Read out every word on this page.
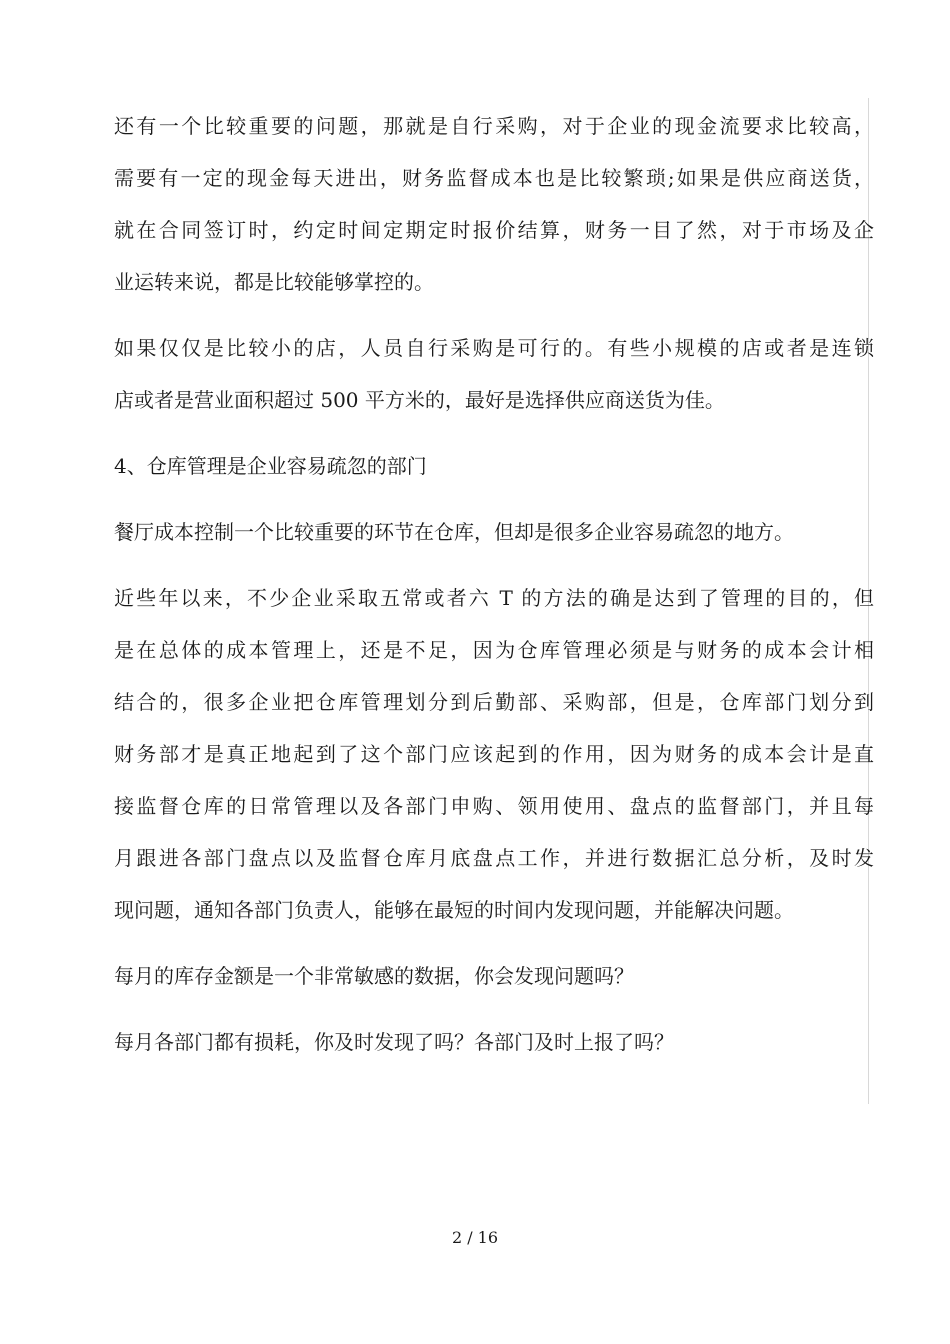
还有一个比较重要的问题，那就是自行采购，对于企业的现金流要求比较高，
需要有一定的现金每天进出，财务监督成本也是比较繁琐;如果是供应商送货，
就在合同签订时，约定时间定期定时报价结算，财务一目了然，对于市场及企
业运转来说，都是比较能够掌控的。
如果仅仅是比较小的店，人员自行采购是可行的。有些小规模的店或者是连锁
店或者是营业面积超过 500 平方米的，最好是选择供应商送货为佳。
4、仓库管理是企业容易疏忽的部门
餐厅成本控制一个比较重要的环节在仓库，但却是很多企业容易疏忽的地方。
近些年以来，不少企业采取五常或者六 T 的方法的确是达到了管理的目的，但
是在总体的成本管理上，还是不足，因为仓库管理必须是与财务的成本会计相
结合的，很多企业把仓库管理划分到后勤部、采购部，但是，仓库部门划分到
财务部才是真正地起到了这个部门应该起到的作用，因为财务的成本会计是直
接监督仓库的日常管理以及各部门申购、领用使用、盘点的监督部门，并且每
月跟进各部门盘点以及监督仓库月底盘点工作，并进行数据汇总分析，及时发
现问题，通知各部门负责人，能够在最短的时间内发现问题，并能解决问题。
每月的库存金额是一个非常敏感的数据，你会发现问题吗？
每月各部门都有损耗，你及时发现了吗？各部门及时上报了吗？
2 / 16
